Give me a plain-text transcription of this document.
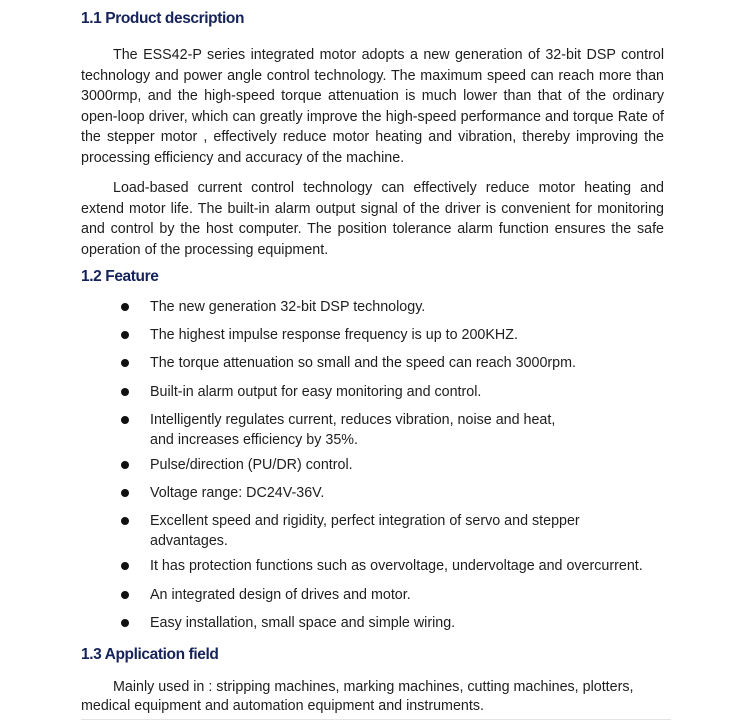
1.1 Product description

The ESS42-P series integrated motor adopts a new generation of 32-bit DSP control technology and power angle control technology. The maximum speed can reach more than 3000rmp, and the high-speed torque attenuation is much lower than that of the ordinary open-loop driver, which can greatly improve the high-speed performance and torque Rate of the stepper motor , effectively reduce motor heating and vibration, thereby improving the processing efficiency and accuracy of the machine.

Load-based current control technology can effectively reduce motor heating and extend motor life. The built-in alarm output signal of the driver is convenient for monitoring and control by the host computer. The position tolerance alarm function ensures the safe operation of the processing equipment.

1.2 Feature
The new generation 32-bit DSP technology.
The highest impulse response frequency is up to 200KHZ.
The torque attenuation so small and the speed can reach 3000rpm.
Built-in alarm output for easy monitoring and control.
Intelligently regulates current, reduces vibration, noise and heat, and increases efficiency by 35%.
Pulse/direction (PU/DR) control.
Voltage range: DC24V-36V.
Excellent speed and rigidity, perfect integration of servo and stepper advantages.
It has protection functions such as overvoltage, undervoltage and overcurrent.
An integrated design of drives and motor.
Easy installation, small space and simple wiring.
1.3 Application field

Mainly used in : stripping machines, marking machines, cutting machines, plotters, medical equipment and automation equipment and instruments.
